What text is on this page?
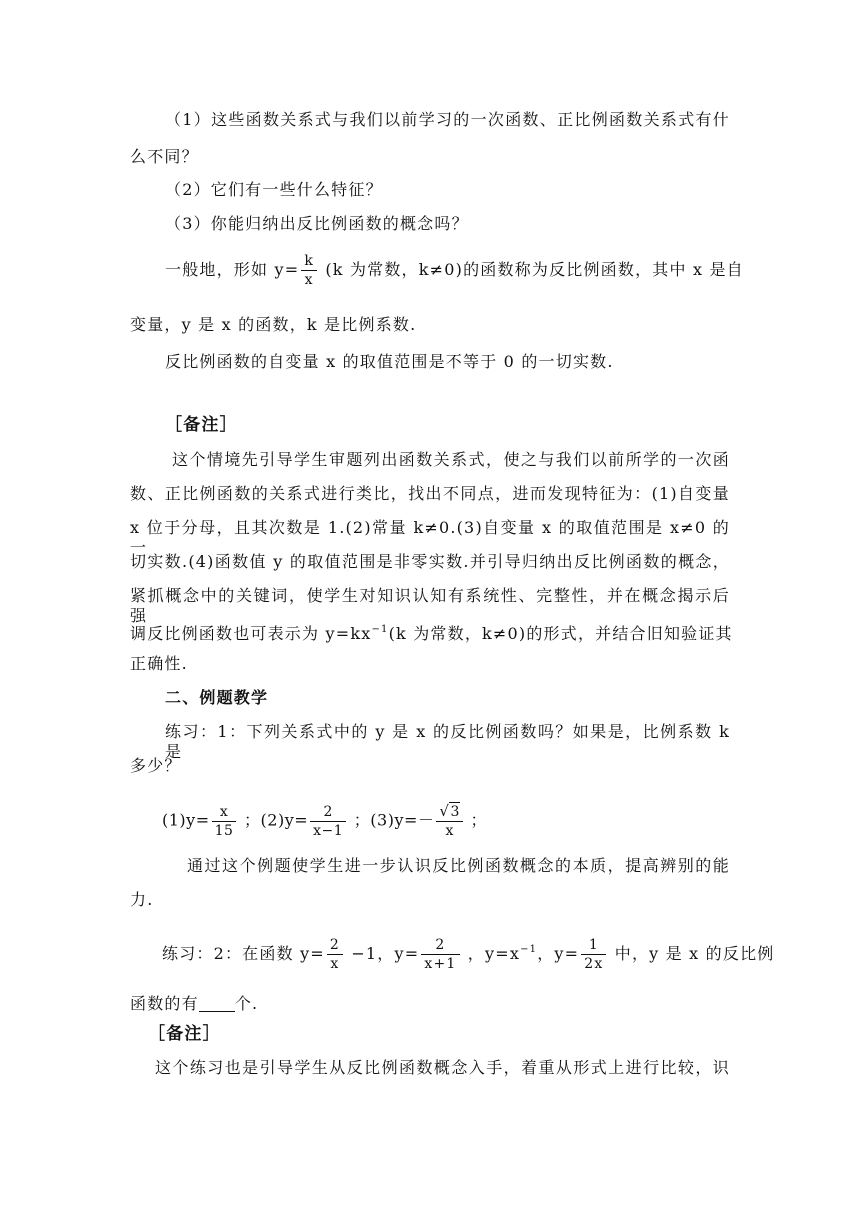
（1）这些函数关系式与我们以前学习的一次函数、正比例函数关系式有什
么不同？
（2）它们有一些什么特征？
（3）你能归纳出反比例函数的概念吗？
一般地，形如 $y= \frac{k}{x} (k$ 为常数，k≠0)的函数称为反比例函数，其中 x 是自
变量，y 是 x 的函数，k 是比例系数.
反比例函数的自变量 x 的取值范围是不等于 0 的一切实数.
［备注］
这个情境先引导学生审题列出函数关系式，使之与我们以前所学的一次函
数、正比例函数的关系式进行类比，找出不同点，进而发现特征为：(1)自变量
x 位于分母，且其次数是 1.(2)常量 k≠0.(3)自变量 x 的取值范围是 x≠0 的一
切实数.(4)函数值 y 的取值范围是非零实数.并引导归纳出反比例函数的概念，
紧抓概念中的关键词，使学生对知识认知有系统性、完整性，并在概念揭示后强
调反比例函数也可表示为 $y=kx^{-1}(k$ 为常数，k≠0)的形式，并结合旧知验证其
正确性.
二、例题教学
练习：1：下列关系式中的 y 是 x 的反比例函数吗？如果是，比例系数 k 是
多少？
$(1)y= \frac{x}{15}$ ；$(2)y= \frac{2}{x-1}$ ；$(3)y=- \frac{√3}{x}$ ；
通过这个例题使学生进一步认识反比例函数概念的本质，提高辨别的能
力.
练习：2：在函数 $y= \frac{2}{x} -1$，$y= \frac{2}{x+1}$ ，$y=x^{-1}$，$y= \frac{1}{2x}$ 中，y 是 x 的反比例
函数的有 个.
［备注］
这个练习也是引导学生从反比例函数概念入手，着重从形式上进行比较，识
